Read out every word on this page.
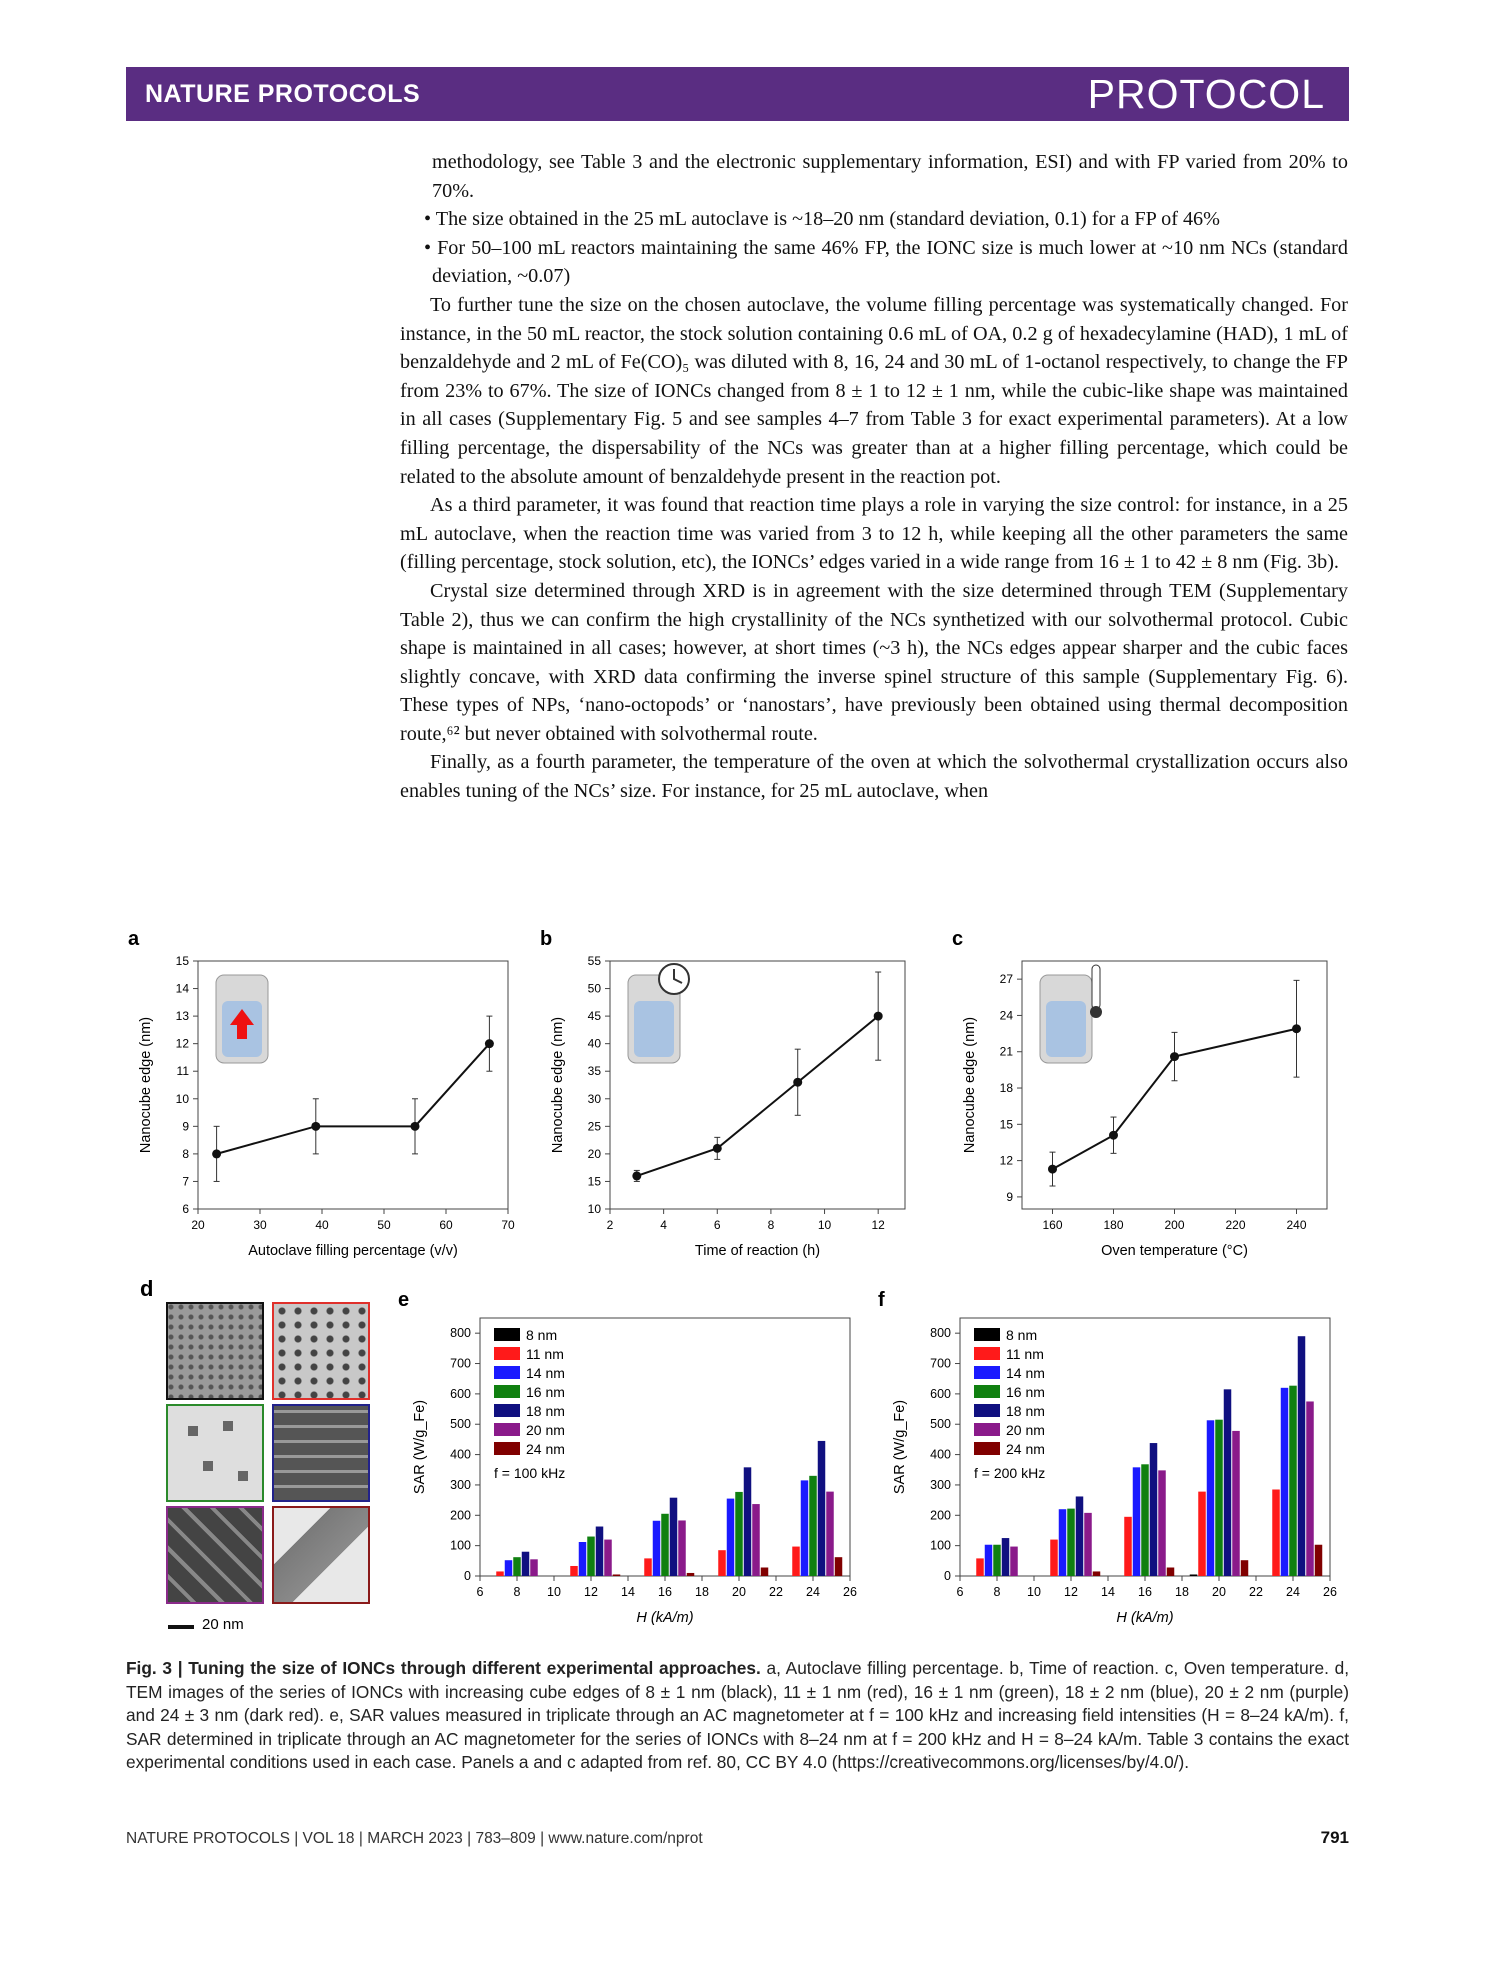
NATURE PROTOCOLS	PROTOCOL

methodology, see Table 3 and the electronic supplementary information, ESI) and with FP varied from 20% to 70%.

• The size obtained in the 25 mL autoclave is ~18–20 nm (standard deviation, 0.1) for a FP of 46%

• For 50–100 mL reactors maintaining the same 46% FP, the IONC size is much lower at ~10 nm NCs (standard deviation, ~0.07)

To further tune the size on the chosen autoclave, the volume filling percentage was systematically changed. For instance, in the 50 mL reactor, the stock solution containing 0.6 mL of OA, 0.2 g of hexadecylamine (HAD), 1 mL of benzaldehyde and 2 mL of Fe(CO)₅ was diluted with 8, 16, 24 and 30 mL of 1-octanol respectively, to change the FP from 23% to 67%. The size of IONCs changed from 8 ± 1 to 12 ± 1 nm, while the cubic-like shape was maintained in all cases (Supplementary Fig. 5 and see samples 4–7 from Table 3 for exact experimental parameters). At a low filling percentage, the dispersability of the NCs was greater than at a higher filling percentage, which could be related to the absolute amount of benzaldehyde present in the reaction pot.

As a third parameter, it was found that reaction time plays a role in varying the size control: for instance, in a 25 mL autoclave, when the reaction time was varied from 3 to 12 h, while keeping all the other parameters the same (filling percentage, stock solution, etc), the IONCs’ edges varied in a wide range from 16 ± 1 to 42 ± 8 nm (Fig. 3b).

Crystal size determined through XRD is in agreement with the size determined through TEM (Supplementary Table 2), thus we can confirm the high crystallinity of the NCs synthetized with our solvothermal protocol. Cubic shape is maintained in all cases; however, at short times (~3 h), the NCs edges appear sharper and the cubic faces slightly concave, with XRD data confirming the inverse spinel structure of this sample (Supplementary Fig. 6). These types of NPs, ‘nano-octopods’ or ‘nanostars’, have previously been obtained using thermal decomposition route,⁶² but never obtained with solvothermal route.

Finally, as a fourth parameter, the temperature of the oven at which the solvothermal crystallization occurs also enables tuning of the NCs’ size. For instance, for 25 mL autoclave, when

a
6
7
8
9
10
11
12
13
14
15
20	30	40	50	60	70
Autoclave filling percentage (v/v)
Nanocube edge (nm)
b
10
15
20
25
30
35
40
45
50
55
2	4	6	8	10	12
Time of reaction (h)
Nanocube edge (nm)
c
9
12
15
18
21
24
27
160	180	200	220	240
Oven temperature (°C)
Nanocube edge (nm)
d
20 nm
e
0
100
200
300
400
500
600
700
800
6 8 10 12 14 16 18 20 22 24 26
H (kA/m)
SAR (W/g_Fe)
8 nm
11 nm
14 nm
16 nm
18 nm
20 nm
24 nm
f = 100 kHz
f
0
100
200
300
400
500
600
700
800
6 8 10 12 14 16 18 20 22 24 26
H (kA/m)
SAR (W/g_Fe)
8 nm
11 nm
14 nm
16 nm
18 nm
20 nm
24 nm
f = 200 kHz
Fig. 3 | Tuning the size of IONCs through different experimental approaches. a, Autoclave filling percentage. b, Time of reaction. c, Oven temperature. d, TEM images of the series of IONCs with increasing cube edges of 8 ± 1 nm (black), 11 ± 1 nm (red), 16 ± 1 nm (green), 18 ± 2 nm (blue), 20 ± 2 nm (purple) and 24 ± 3 nm (dark red). e, SAR values measured in triplicate through an AC magnetometer at f = 100 kHz and increasing field intensities (H = 8–24 kA/m). f, SAR determined in triplicate through an AC magnetometer for the series of IONCs with 8–24 nm at f = 200 kHz and H = 8–24 kA/m. Table 3 contains the exact experimental conditions used in each case. Panels a and c adapted from ref. 80, CC BY 4.0 (https://creativecommons.org/licenses/by/4.0/).
NATURE PROTOCOLS | VOL 18 | MARCH 2023 | 783–809 | www.nature.com/nprot	791
